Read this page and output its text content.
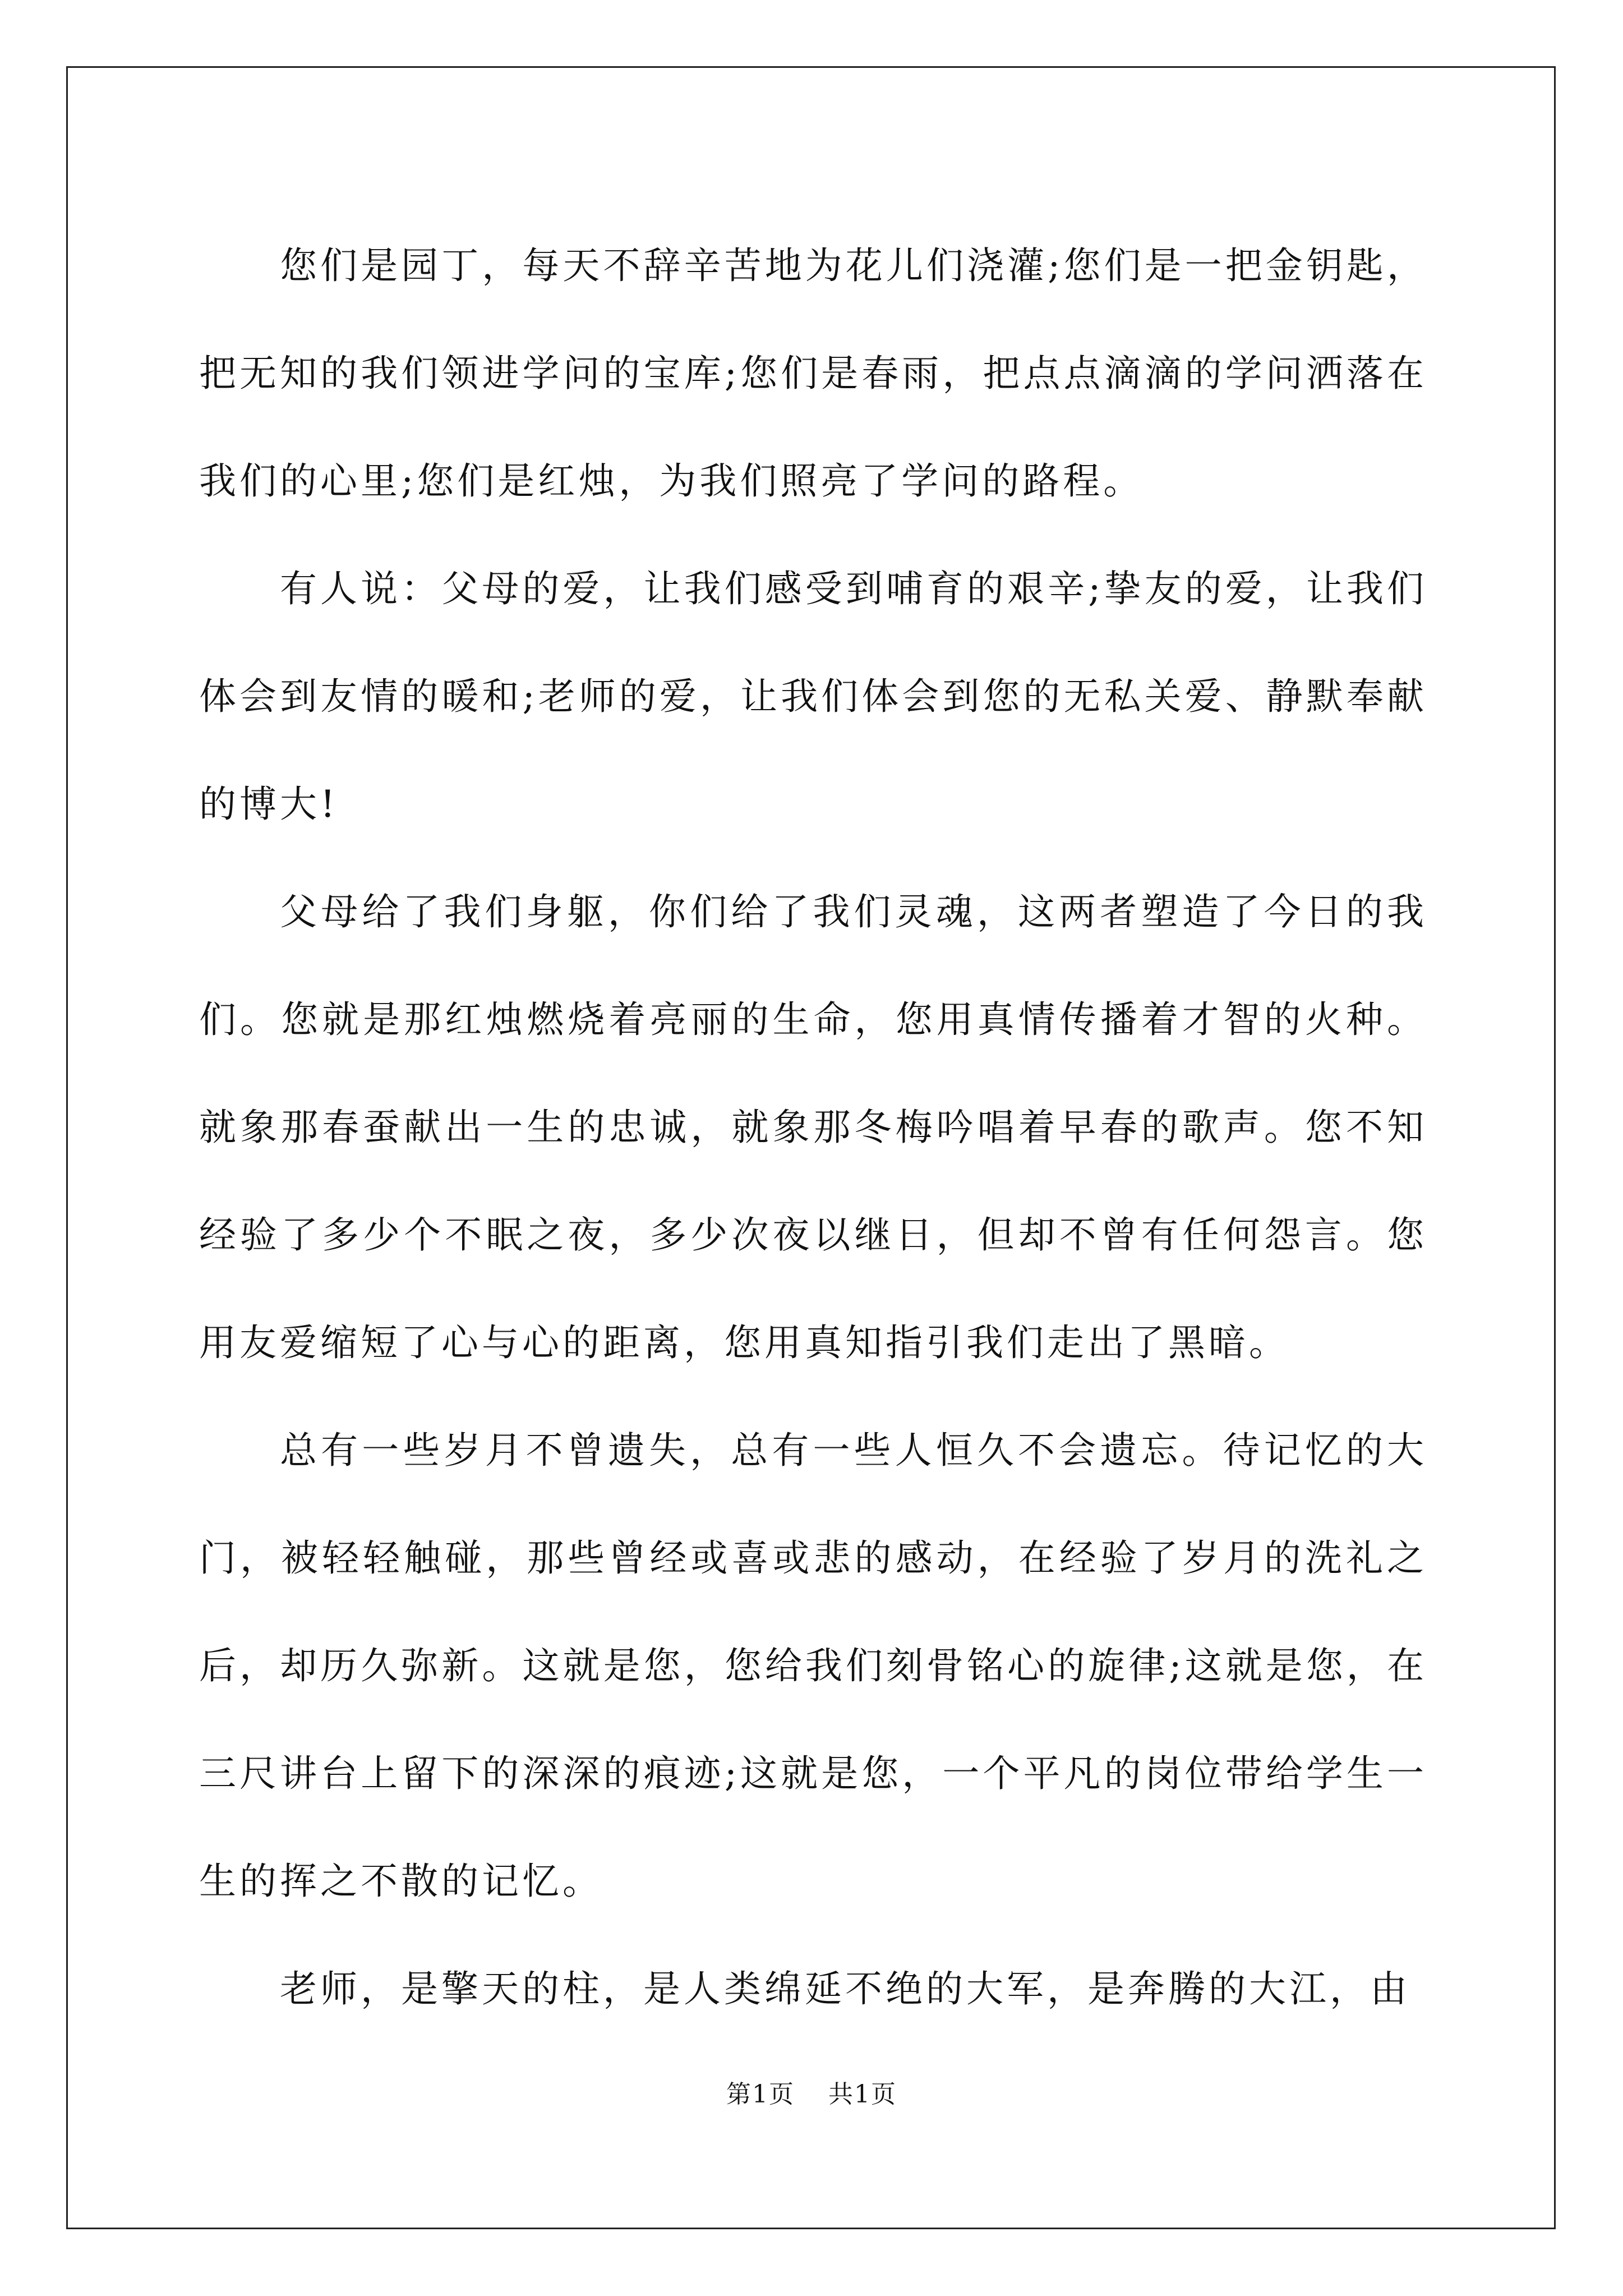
您们是园丁，每天不辞辛苦地为花儿们浇灌;您们是一把金钥匙，把无知的我们领进学问的宝库;您们是春雨，把点点滴滴的学问洒落在我们的心里;您们是红烛，为我们照亮了学问的路程。

有人说：父母的爱，让我们感受到哺育的艰辛;挚友的爱，让我们体会到友情的暖和;老师的爱，让我们体会到您的无私关爱、静默奉献的博大!

父母给了我们身躯，你们给了我们灵魂，这两者塑造了今日的我们。您就是那红烛燃烧着亮丽的生命，您用真情传播着才智的火种。就象那春蚕献出一生的忠诚，就象那冬梅吟唱着早春的歌声。您不知经验了多少个不眠之夜，多少次夜以继日，但却不曾有任何怨言。您用友爱缩短了心与心的距离，您用真知指引我们走出了黑暗。

总有一些岁月不曾遗失，总有一些人恒久不会遗忘。待记忆的大门，被轻轻触碰，那些曾经或喜或悲的感动，在经验了岁月的洗礼之后，却历久弥新。这就是您，您给我们刻骨铭心的旋律;这就是您，在三尺讲台上留下的深深的痕迹;这就是您，一个平凡的岗位带给学生一生的挥之不散的记忆。

老师，是擎天的柱，是人类绵延不绝的大军，是奔腾的大江，由

第1页 共1页
